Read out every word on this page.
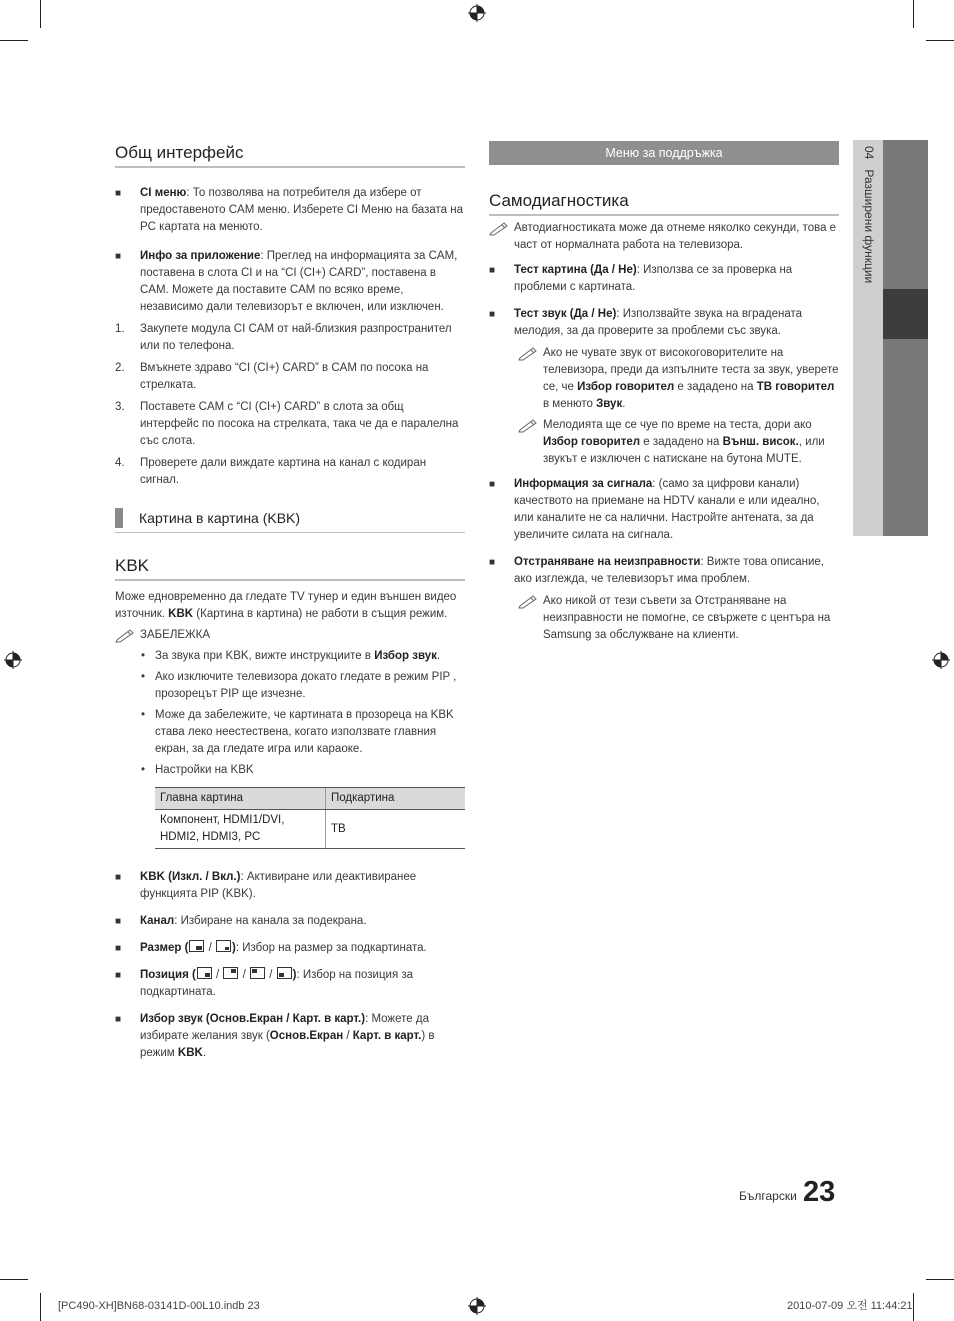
04   Разширени функции
Общ интерфейс
■	CI меню: То позволява на потребителя да избере от предоставеното CAM меню. Изберете CI Меню на базата на PC картата на менюто.
■	Инфо за приложение: Преглед на информацията за CAM, поставена в слота CI и на “CI (CI+) CARD”, поставена в CAM. Можете да поставите CAM по всяко време, независимо дали телевизорът е включен, или изключен.
1.	Закупете модула CI CAM от най-близкия разпространител или по телефона.
2.	Вмъкнете здраво “CI (CI+) CARD” в CAM по посока на стрелката.
3.	Поставете CAM с “CI (CI+) CARD” в слота за общ интерфейс по посока на стрелката, така че да е паралелна със слота.
4.	Проверете дали виждате картина на канал с кодиран сигнал.
Картина в картина (KBK)
KBK
Може едновременно да гледате TV тунер и един външен видео източник. KBK (Картина в картина) не работи в същия режим.
ЗАБЕЛЕЖКА
• За звука при KBK, вижте инструкциите в Избор звук.
• Ако изключите телевизора докато гледате в режим PIP , прозорецът PIP ще изчезне.
• Може да забележите, че картината в прозореца на KBK става леко неестествена, когато използвате главния екран, за да гледате игра или караоке.
• Настройки на KBK
Главна картина	Подкартина
Компонент, HDMI1/DVI, HDMI2, HDMI3, PC	TB
■	KBK (Изкл. / Вкл.): Активиране или деактивиранее функцията PIP (KBK).
■	Канал: Избиране на канала за подекрана.
■	Размер (
/
): Избор на размер за подкартината.
■	Позиция (
/
/
/
): Избор на позиция за подкартината.
■	Избор звук (Основ.Екран / Карт. в карт.): Можете да избирате желания звук (Основ.Екран / Карт. в карт.) в режим KBK.
Меню за поддръжка
Самодиагностика
Автодиагностиката може да отнеме няколко секунди, това е част от нормалната работа на телевизора.
■	Тест картина (Да / Не): Използва се за проверка на проблеми с картината.
■	Тест звук (Да / Не): Използвайте звука на вградената мелодия, за да проверите за проблеми със звука.
Ако не чувате звук от високоговорителите на телевизора, преди да изпълните теста за звук, уверете се, че Избор говорител е зададено на TB говорител в менюто Звук.
Мелодията ще се чуе по време на теста, дори ако Избор говорител е зададено на Външ. висок., или звукът е изключен с натискане на бутона MUTE.
■	Информация за сигнала: (само за цифрови канали) качеството на приемане на HDTV канали е или идеално, или каналите не са налични. Настройте антената, за да увеличите силата на сигнала.
■	Отстраняване на неизправности: Вижте това описание, ако изглежда, че телевизорът има проблем.
Ако никой от тези съвети за Отстраняване на неизправности не помогне, се свържете с центъра на Samsung за обслужване на клиенти.
Български 23
[PC490-XH]BN68-03141D-00L10.indb 23	2010-07-09 오전 11:44:21
